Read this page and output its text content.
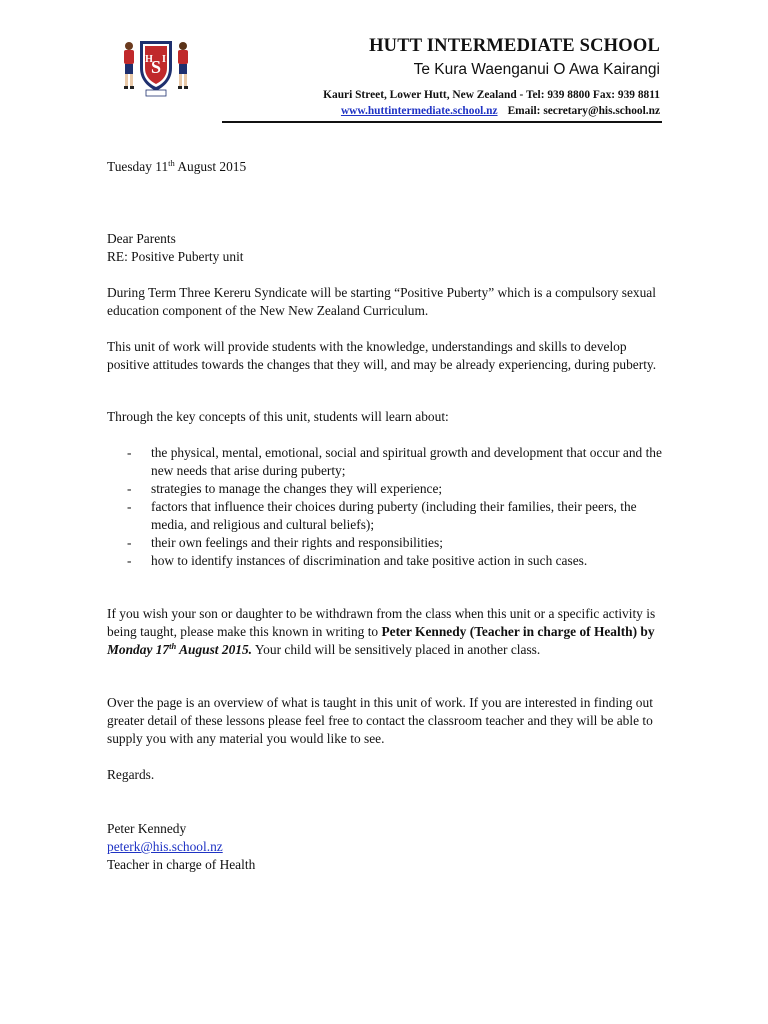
S
H I
HUTT INTERMEDIATE SCHOOL
Te Kura Waenganui O Awa Kairangi
Kauri Street, Lower Hutt, New Zealand - Tel: 939 8800 Fax: 939 8811
www.huttintermediate.school.nz Email: secretary@his.school.nz
Tuesday 11th August 2015
Dear Parents
RE: Positive Puberty unit
During Term Three Kereru Syndicate will be starting “Positive Puberty” which is a compulsory sexual education component of the New New Zealand Curriculum.
This unit of work will provide students with the knowledge, understandings and skills to develop positive attitudes towards the changes that they will, and may be already experiencing, during puberty.
Through the key concepts of this unit, students will learn about:
- the physical, mental, emotional, social and spiritual growth and development that occur and the new needs that arise during puberty;
- strategies to manage the changes they will experience;
- factors that influence their choices during puberty (including their families, their peers, the media, and religious and cultural beliefs);
- their own feelings and their rights and responsibilities;
- how to identify instances of discrimination and take positive action in such cases.
If you wish your son or daughter to be withdrawn from the class when this unit or a specific activity is being taught, please make this known in writing to Peter Kennedy (Teacher in charge of Health) by Monday 17th August 2015. Your child will be sensitively placed in another class.
Over the page is an overview of what is taught in this unit of work. If you are interested in finding out greater detail of these lessons please feel free to contact the classroom teacher and they will be able to supply you with any material you would like to see.
Regards.
Peter Kennedy
peterk@his.school.nz
Teacher in charge of Health
